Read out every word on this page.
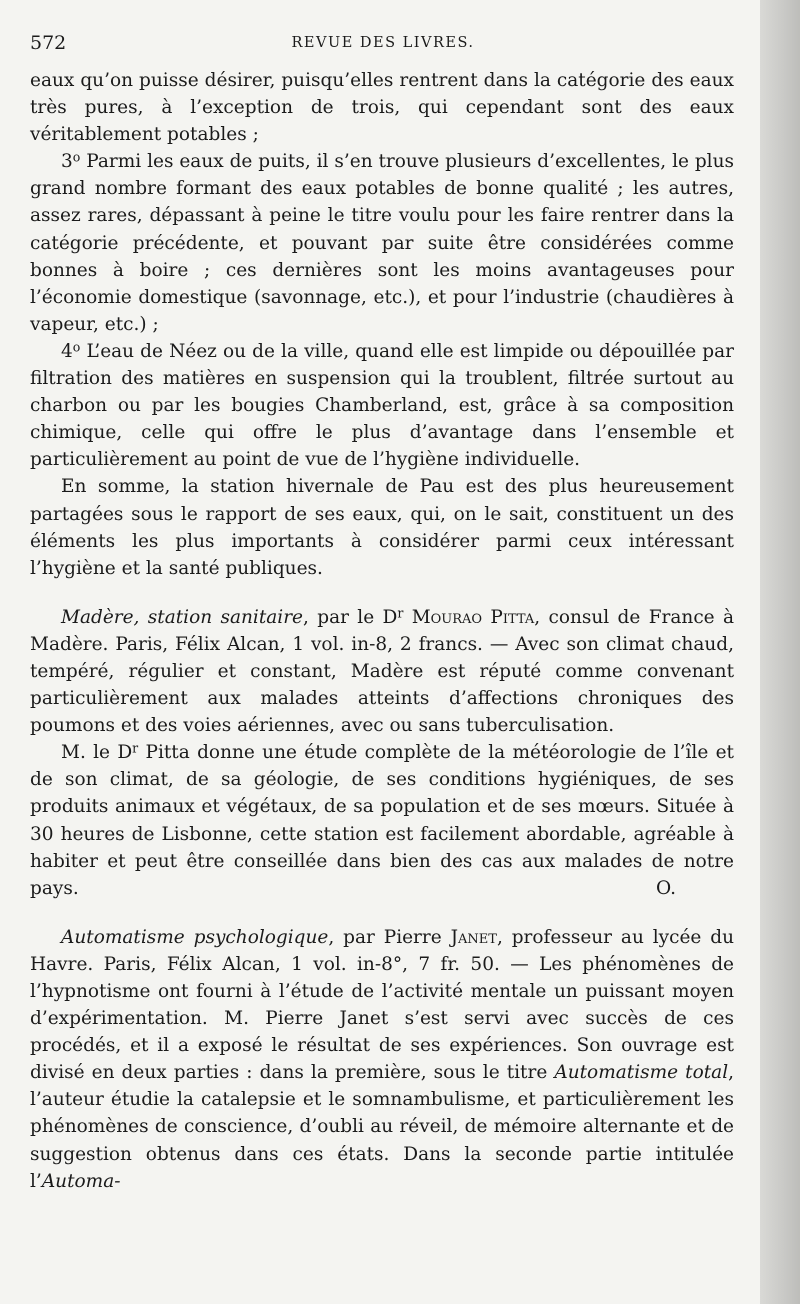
572	REVUE DES LIVRES.

eaux qu’on puisse désirer, puisqu’elles rentrent dans la catégorie des eaux très pures, à l’exception de trois, qui cependant sont des eaux véritablement potables ;

3$^o$ Parmi les eaux de puits, il s’en trouve plusieurs d’excellentes, le plus grand nombre formant des eaux potables de bonne qualité ; les autres, assez rares, dépassant à peine le titre voulu pour les faire rentrer dans la catégorie précédente, et pouvant par suite être considérées comme bonnes à boire ; ces dernières sont les moins avantageuses pour l’économie domestique (savonnage, etc.), et pour l’industrie (chaudières à vapeur, etc.) ;

4$^o$ L’eau de Néez ou de la ville, quand elle est limpide ou dépouillée par filtration des matières en suspension qui la troublent, filtrée surtout au charbon ou par les bougies Chamberland, est, grâce à sa composition chimique, celle qui offre le plus d’avantage dans l’ensemble et particulièrement au point de vue de l’hygiène individuelle.

En somme, la station hivernale de Pau est des plus heureusement partagées sous le rapport de ses eaux, qui, on le sait, constituent un des éléments les plus importants à considérer parmi ceux intéressant l’hygiène et la santé publiques.

Madère, station sanitaire, par le $D^r$ Mourao Pitta, consul de France à Madère. Paris, Félix Alcan, 1 vol. in-8, 2 francs. — Avec son climat chaud, tempéré, régulier et constant, Madère est réputé comme convenant particulièrement aux malades atteints d’affections chroniques des poumons et des voies aériennes, avec ou sans tuberculisation.

M. le $D^r$ Pitta donne une étude complète de la météorologie de l’île et de son climat, de sa géologie, de ses conditions hygiéniques, de ses produits animaux et végétaux, de sa population et de ses mœurs. Située à 30 heures de Lisbonne, cette station est facilement abordable, agréable à habiter et peut être conseillée dans bien des cas aux malades de notre pays.	O.

Automatisme psychologique, par Pierre Janet, professeur au lycée du Havre. Paris, Félix Alcan, 1 vol. in-8°, 7 fr. 50. — Les phénomènes de l’hypnotisme ont fourni à l’étude de l’activité mentale un puissant moyen d’expérimentation. M. Pierre Janet s’est servi avec succès de ces procédés, et il a exposé le résultat de ses expériences. Son ouvrage est divisé en deux parties : dans la première, sous le titre Automatisme total, l’auteur étudie la catalepsie et le somnambulisme, et particulièrement les phénomènes de conscience, d’oubli au réveil, de mémoire alternante et de suggestion obtenus dans ces états. Dans la seconde partie intitulée l’Automa-
